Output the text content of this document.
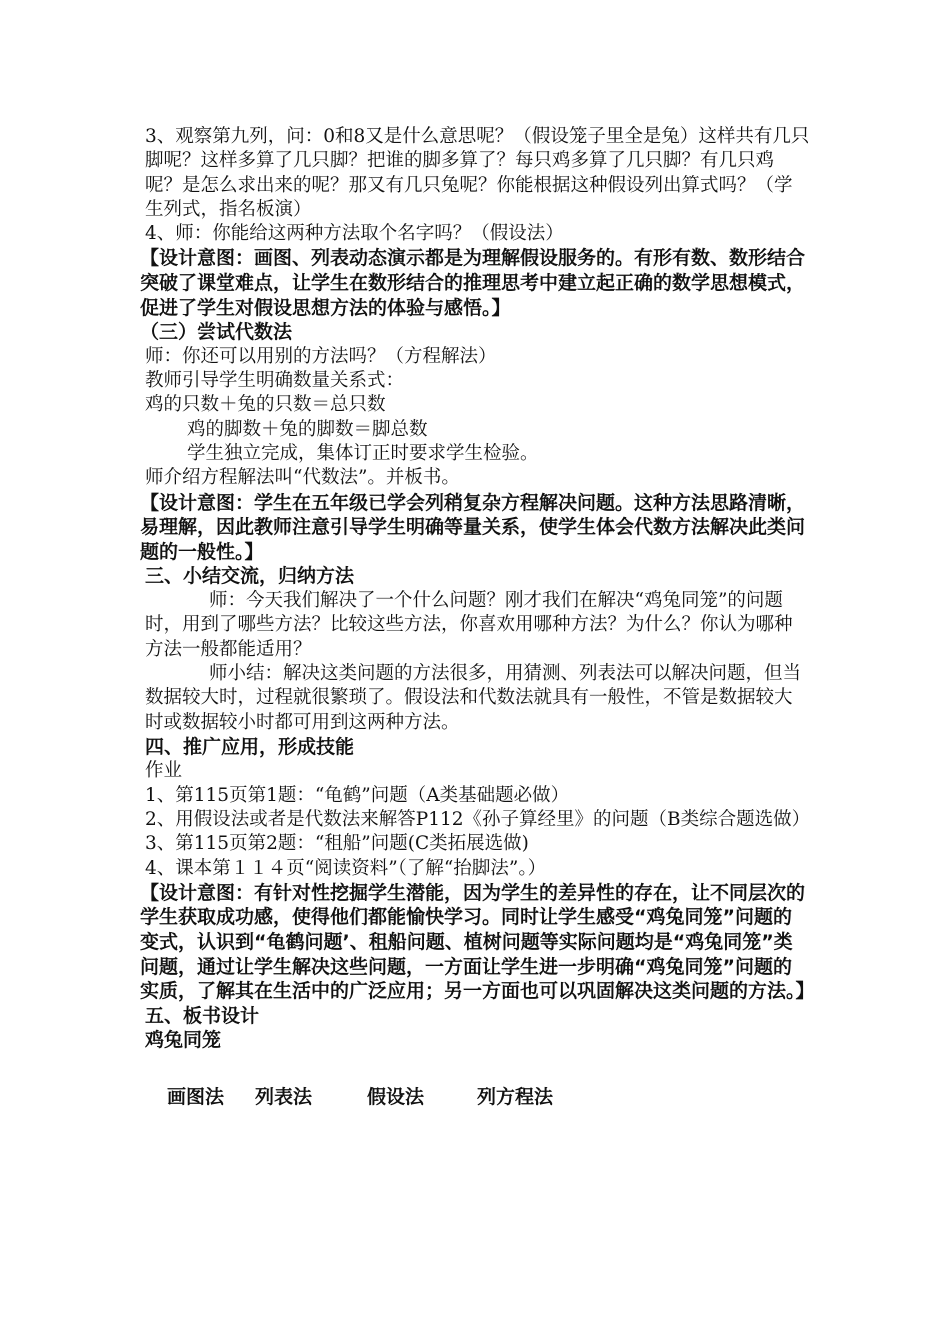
3、观察第九列，问：0和8又是什么意思呢？（假设笼子里全是兔）这样共有几只脚呢？这样多算了几只脚？把谁的脚多算了？每只鸡多算了几只脚？有几只鸡呢？是怎么求出来的呢？那又有几只兔呢？你能根据这种假设列出算式吗？（学生列式，指名板演）

4、师：你能给这两种方法取个名字吗？（假设法）

【设计意图：画图、列表动态演示都是为理解假设服务的。有形有数、数形结合突破了课堂难点，让学生在数形结合的推理思考中建立起正确的数学思想模式，促进了学生对假设思想方法的体验与感悟。】

（三）尝试代数法

师：你还可以用别的方法吗？（方程解法）

教师引导学生明确数量关系式：

鸡的只数＋兔的只数＝总只数

鸡的脚数＋兔的脚数＝脚总数

学生独立完成，集体订正时要求学生检验。

师介绍方程解法叫“代数法”。并板书。

【设计意图：学生在五年级已学会列稍复杂方程解决问题。这种方法思路清晰，易理解，因此教师注意引导学生明确等量关系，使学生体会代数方法解决此类问题的一般性。】

三、小结交流，归纳方法

师：今天我们解决了一个什么问题？刚才我们在解决“鸡兔同笼”的问题时，用到了哪些方法？比较这些方法，你喜欢用哪种方法？为什么？你认为哪种方法一般都能适用？

师小结：解决这类问题的方法很多，用猜测、列表法可以解决问题，但当数据较大时，过程就很繁琐了。假设法和代数法就具有一般性，不管是数据较大时或数据较小时都可用到这两种方法。

四、推广应用，形成技能

作业

1、第115页第1题：“龟鹤”问题（A类基础题必做）

2、用假设法或者是代数法来解答P112《孙子算经里》的问题（B类综合题选做）

3、第115页第2题：“租船”问题(C类拓展选做)

4、课本第１１４页“阅读资料”（了解“抬脚法”。）

【设计意图：有针对性挖掘学生潜能，因为学生的差异性的存在，让不同层次的学生获取成功感，使得他们都能愉快学习。同时让学生感受“鸡兔同笼”问题的变式，认识到“龟鹤问题’、租船问题、植树问题等实际问题均是“鸡兔同笼”类问题，通过让学生解决这些问题，一方面让学生进一步明确“鸡兔同笼”问题的实质，了解其在生活中的广泛应用；另一方面也可以巩固解决这类问题的方法。】

五、板书设计

鸡兔同笼

画图法	列表法	假设法	列方程法
